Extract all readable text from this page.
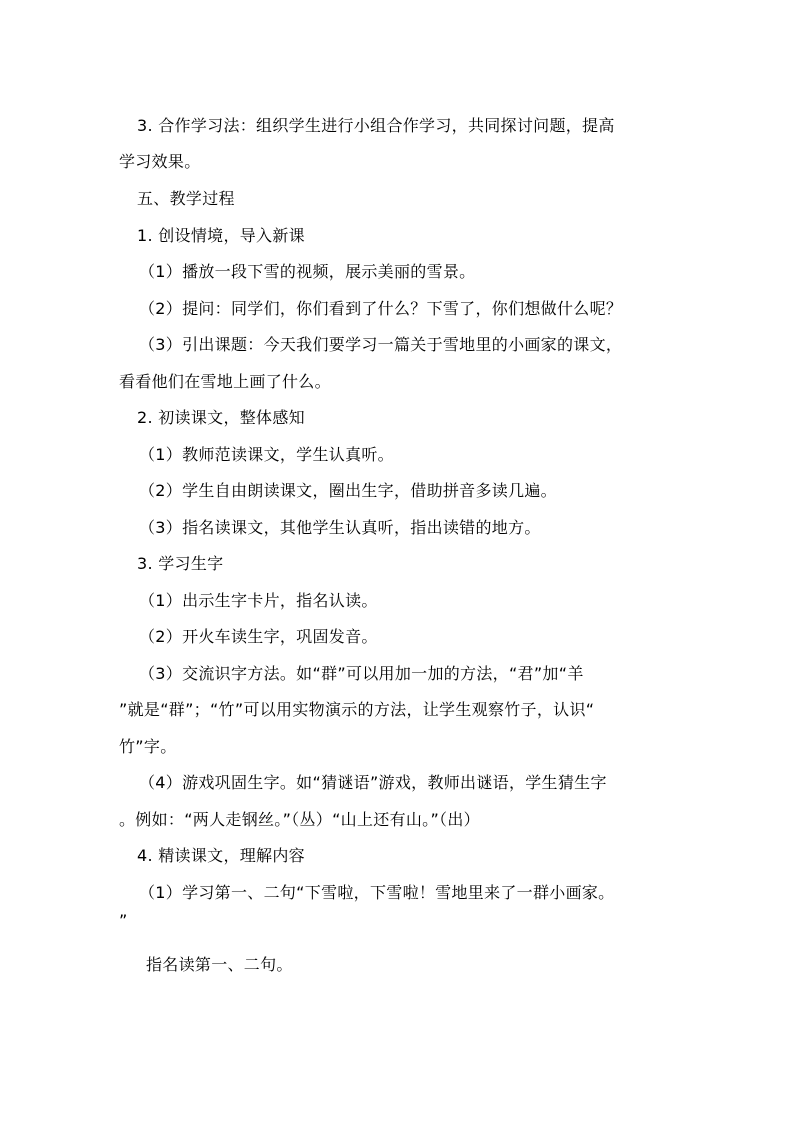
3. 合作学习法：组织学生进行小组合作学习，共同探讨问题，提高
学习效果。
五、教学过程
1. 创设情境，导入新课
（1）播放一段下雪的视频，展示美丽的雪景。
（2）提问：同学们，你们看到了什么？下雪了，你们想做什么呢？
（3）引出课题：今天我们要学习一篇关于雪地里的小画家的课文，
看看他们在雪地上画了什么。
2. 初读课文，整体感知
（1）教师范读课文，学生认真听。
（2）学生自由朗读课文，圈出生字，借助拼音多读几遍。
（3）指名读课文，其他学生认真听，指出读错的地方。
3. 学习生字
（1）出示生字卡片，指名认读。
（2）开火车读生字，巩固发音。
（3）交流识字方法。如“群”可以用加一加的方法，“君”加“羊
”就是“群”；“竹”可以用实物演示的方法，让学生观察竹子，认识“
竹”字。
（4）游戏巩固生字。如“猜谜语”游戏，教师出谜语，学生猜生字
。例如：“两人走钢丝。”（丛）“山上还有山。”（出）
4. 精读课文，理解内容
（1）学习第一、二句“下雪啦，下雪啦！雪地里来了一群小画家。
”
指名读第一、二句。
